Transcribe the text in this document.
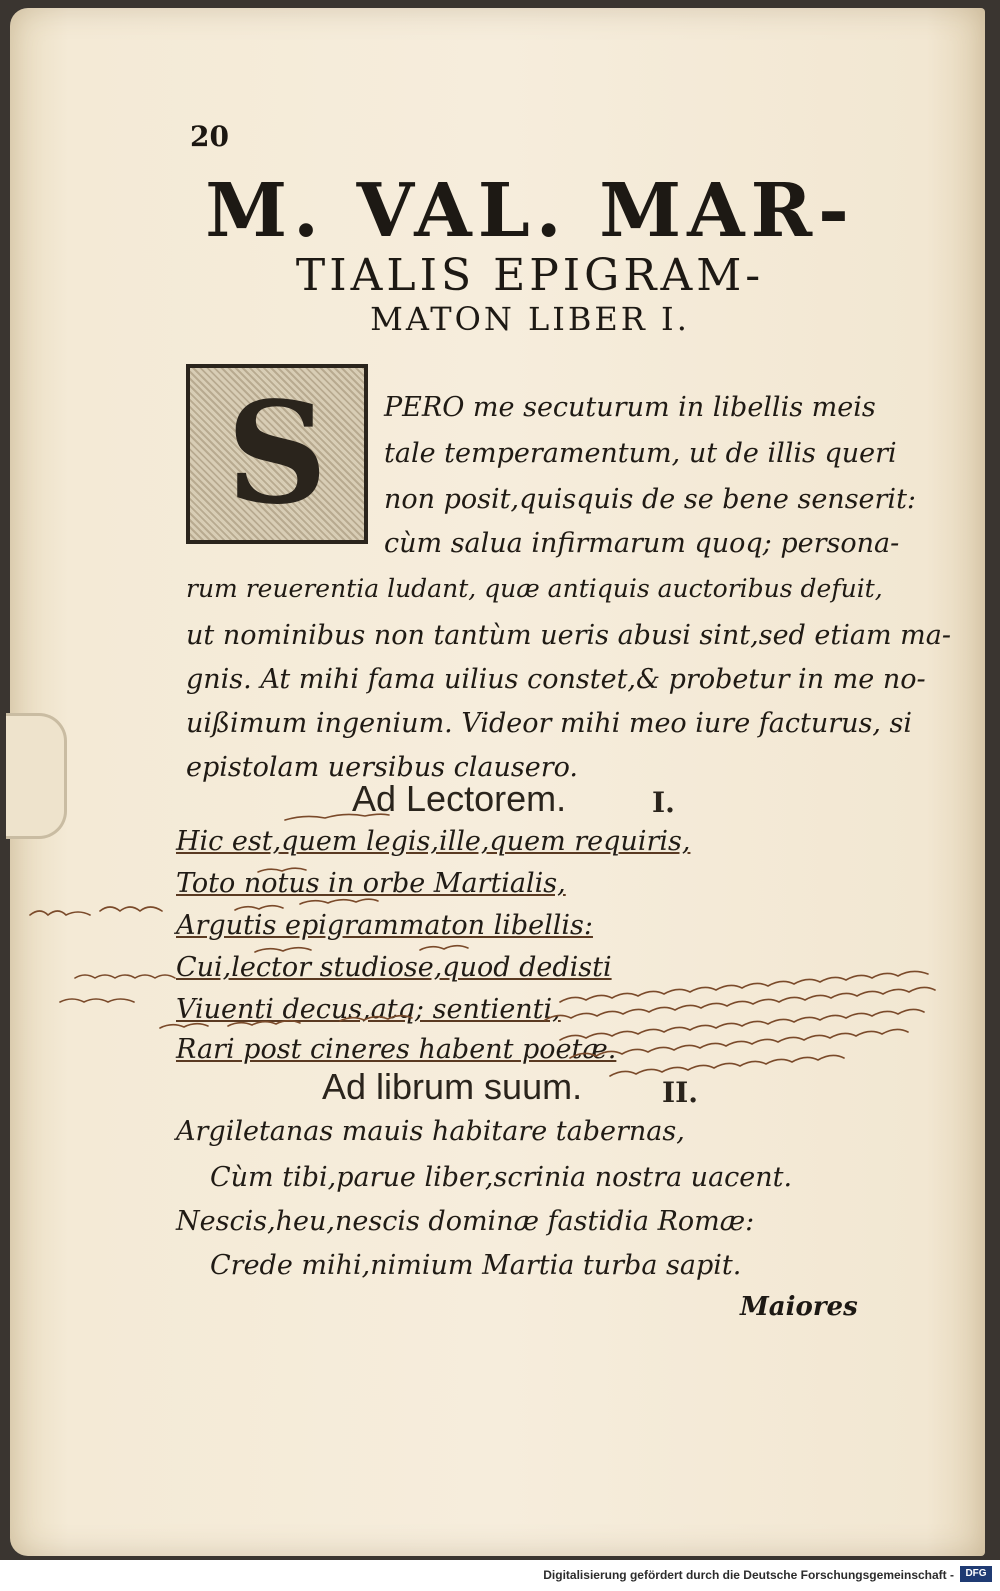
20
M. VAL. MAR-
TIALIS EPIGRAM-
MATON LIBER I.
S	PERO me secuturum in libellis meis
tale temperamentum, ut de illis queri
non posit,quisquis de se bene senserit:
cùm salua infirmarum quoq; persona-
rum reuerentia ludant, quæ antiquis auctoribus defuit,
ut nominibus non tantùm ueris abusi sint,sed etiam ma-
gnis. At mihi fama uilius constet,& probetur in me no-
uißimum ingenium. Videor mihi meo iure facturus, si
epistolam uersibus clausero.
Ad Lectorem.	I.
Hic est,quem legis,ille,quem requiris,
Toto notus in orbe Martialis,
Argutis epigrammaton libellis:
Cui,lector studiose,quod dedisti
Viuenti decus,atq; sentienti,
Rari post cineres habent poetæ.
Ad librum suum.	II.
Argiletanas mauis habitare tabernas,
Cùm tibi,parue liber,scrinia nostra uacent.
Nescis,heu,nescis dominæ fastidia Romæ:
Crede mihi,nimium Martia turba sapit.
Maiores
Digitalisierung gefördert durch die Deutsche Forschungsgemeinschaft -	DFG
